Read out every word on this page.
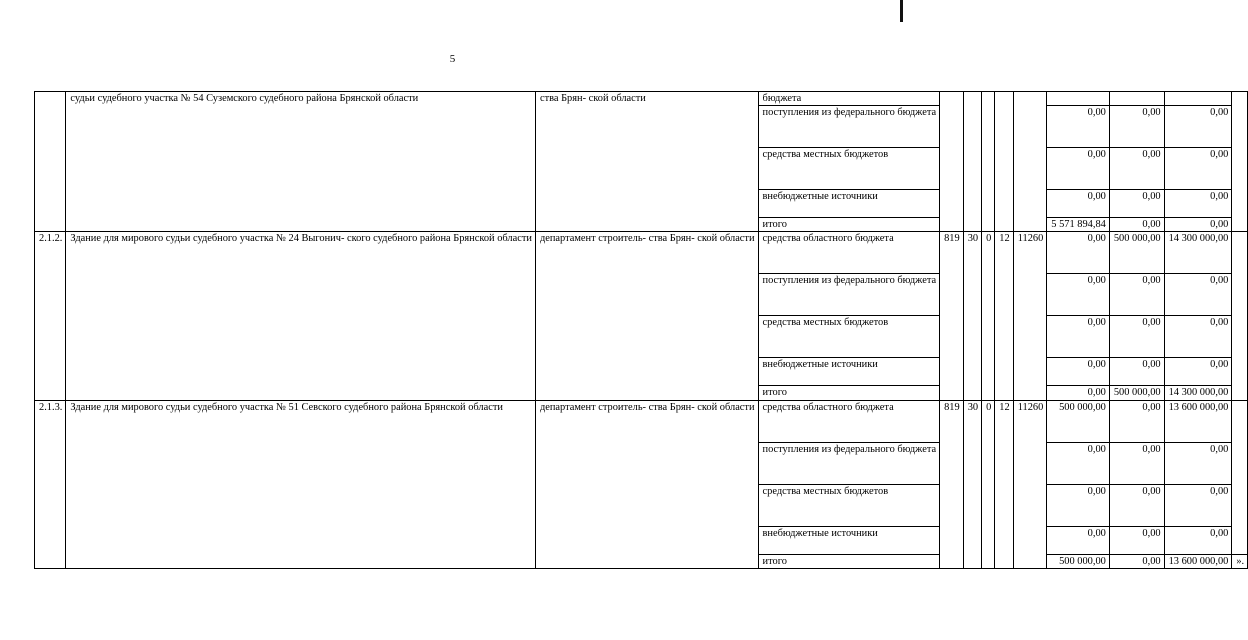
5
	судьи судебного участка № 54 Суземского судебного района Брянской области	ства Брян- ской области	бюджета									
			поступления из федерального бюджета						0,00	0,00	0,00	
			средства местных бюджетов						0,00	0,00	0,00	
			внебюджетные источники						0,00	0,00	0,00	
			итого						5 571 894,84	0,00	0,00	
2.1.2.	Здание для мирового судьи судебного участка № 24 Выгонич- ского судебного района Брянской области	департамент строитель- ства Брян- ской области	средства областного бюджета	819	30	0	12	11260	0,00	500 000,00	14 300 000,00	
			поступления из федерального бюджета						0,00	0,00	0,00	
			средства местных бюджетов						0,00	0,00	0,00	
			внебюджетные источники						0,00	0,00	0,00	
			итого						0,00	500 000,00	14 300 000,00	
2.1.3.	Здание для мирового судьи судебного участка № 51 Севского судебного района Брянской области	департамент строитель- ства Брян- ской области	средства областного бюджета	819	30	0	12	11260	500 000,00	0,00	13 600 000,00	
			поступления из федерального бюджета						0,00	0,00	0,00	
			средства местных бюджетов						0,00	0,00	0,00	
			внебюджетные источники						0,00	0,00	0,00	
			итого						500 000,00	0,00	13 600 000,00	».
